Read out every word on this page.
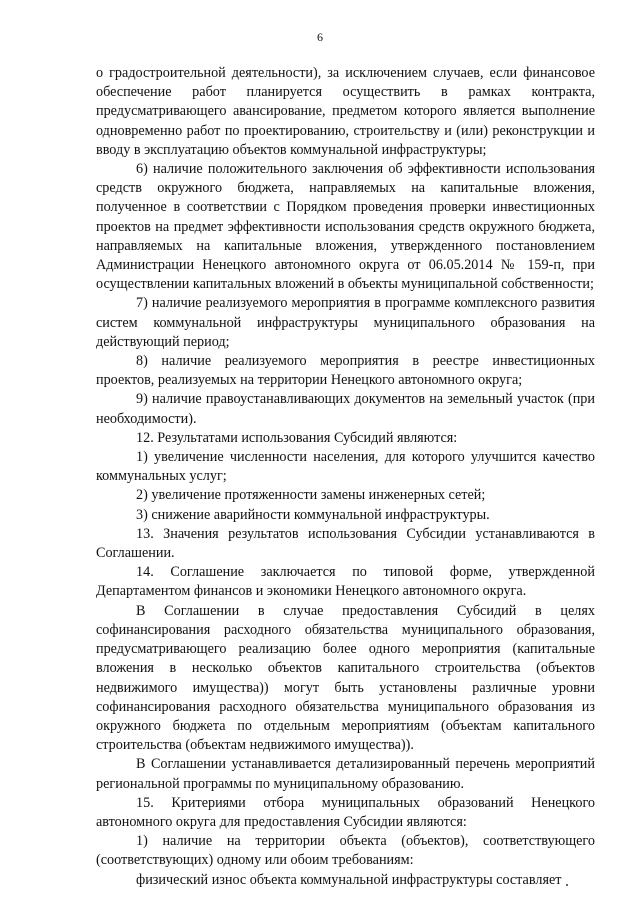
6

о градостроительной деятельности), за исключением случаев, если финансовое обеспечение работ планируется осуществить в рамках контракта, предусматривающего авансирование, предметом которого является выполнение одновременно работ по проектированию, строительству и (или) реконструкции и вводу в эксплуатацию объектов коммунальной инфраструктуры;

6) наличие положительного заключения об эффективности использования средств окружного бюджета, направляемых на капитальные вложения, полученное в соответствии с Порядком проведения проверки инвестиционных проектов на предмет эффективности использования средств окружного бюджета, направляемых на капитальные вложения, утвержденного постановлением Администрации Ненецкого автономного округа от 06.05.2014 № 159-п, при осуществлении капитальных вложений в объекты муниципальной собственности;

7) наличие реализуемого мероприятия в программе комплексного развития систем коммунальной инфраструктуры муниципального образования на действующий период;

8) наличие реализуемого мероприятия в реестре инвестиционных проектов, реализуемых на территории Ненецкого автономного округа;

9) наличие правоустанавливающих документов на земельный участок (при необходимости).

12. Результатами использования Субсидий являются:

1) увеличение численности населения, для которого улучшится качество коммунальных услуг;

2) увеличение протяженности замены инженерных сетей;

3) снижение аварийности коммунальной инфраструктуры.

13. Значения результатов использования Субсидии устанавливаются в Соглашении.

14. Соглашение заключается по типовой форме, утвержденной Департаментом финансов и экономики Ненецкого автономного округа.

В Соглашении в случае предоставления Субсидий в целях софинансирования расходного обязательства муниципального образования, предусматривающего реализацию более одного мероприятия (капитальные вложения в несколько объектов капитального строительства (объектов недвижимого имущества)) могут быть установлены различные уровни софинансирования расходного обязательства муниципального образования из окружного бюджета по отдельным мероприятиям (объектам капитального строительства (объектам недвижимого имущества)).

В Соглашении устанавливается детализированный перечень мероприятий региональной программы по муниципальному образованию.

15. Критериями отбора муниципальных образований Ненецкого автономного округа для предоставления Субсидии являются:

1) наличие на территории объекта (объектов), соответствующего (соответствующих) одному или обоим требованиям:

физический износ объекта коммунальной инфраструктуры составляет
